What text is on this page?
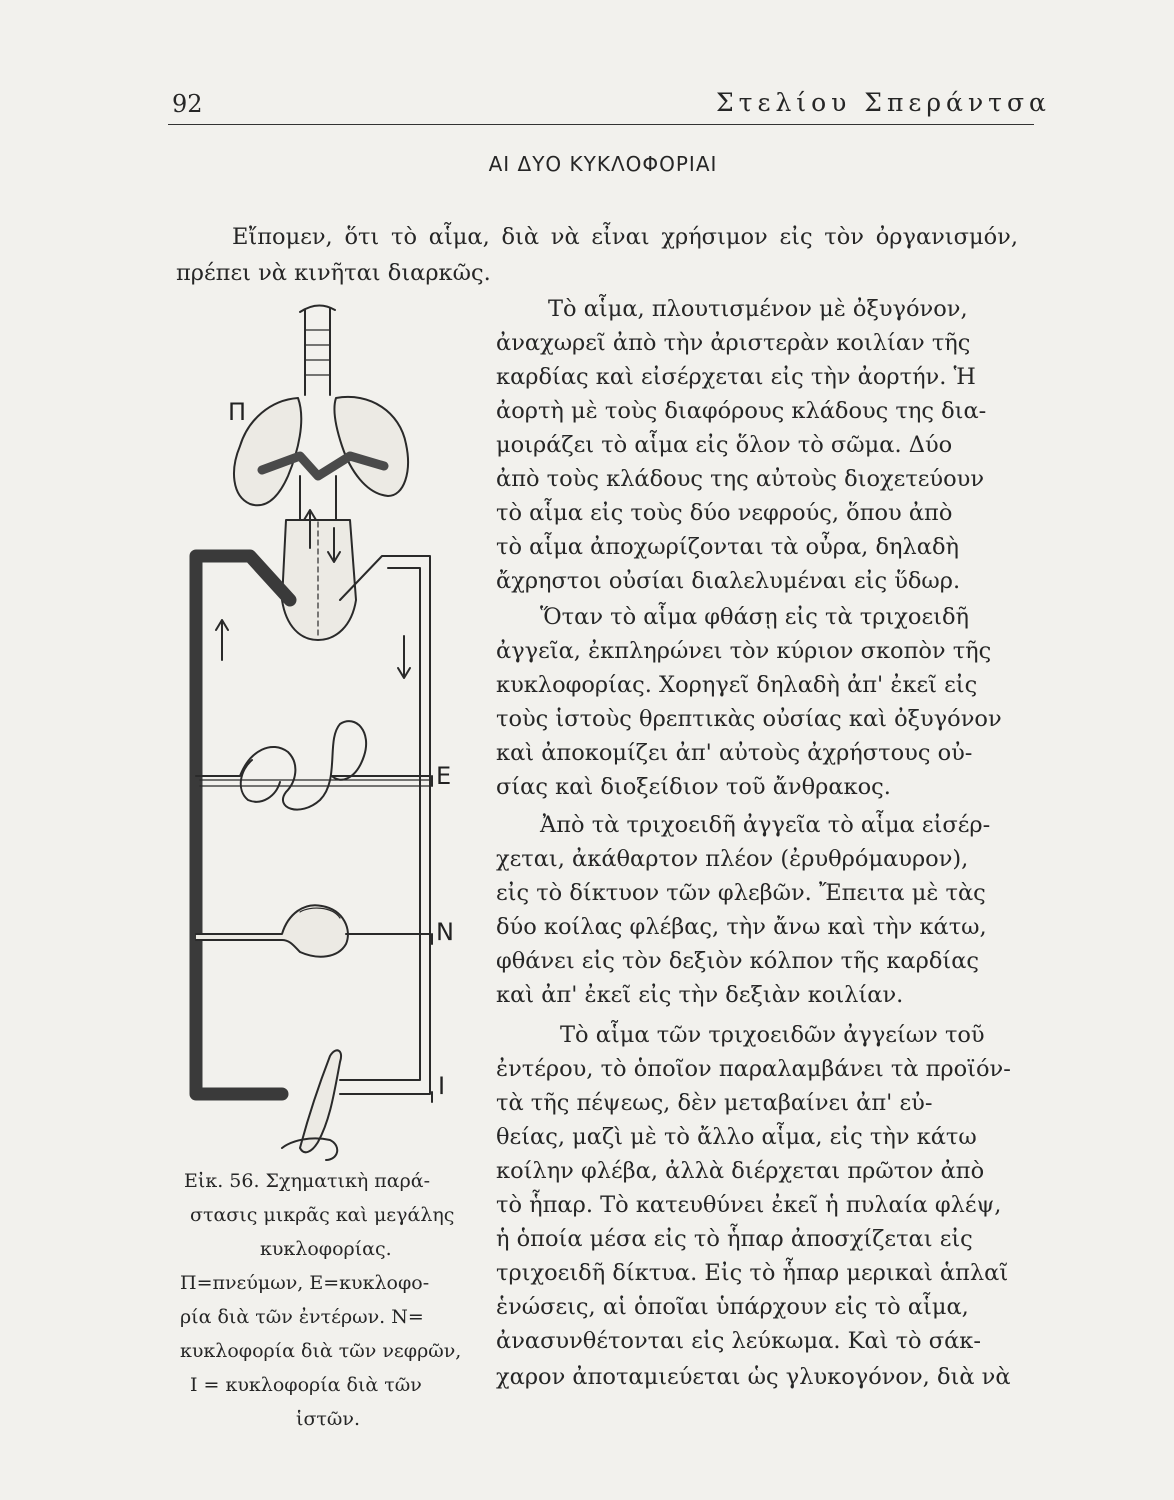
92	Στελίου Σπεράντσα
ΑΙ ΔΥΟ ΚΥΚΛΟΦΟΡΙΑΙ
Εἴπομεν, ὅτι τὸ αἷμα, διὰ νὰ εἶναι χρήσιμον εἰς τὸν ὀργανισμόν,
πρέπει νὰ κινῆται διαρκῶς.
Τὸ αἷμα, πλουτισμένον μὲ ὀξυγόνον,
ἀναχωρεῖ ἀπὸ τὴν ἀριστερὰν κοιλίαν τῆς
καρδίας καὶ εἰσέρχεται εἰς τὴν ἀορτήν. Ἡ
ἀορτὴ μὲ τοὺς διαφόρους κλάδους της δια-
μοιράζει τὸ αἷμα εἰς ὅλον τὸ σῶμα. Δύο
ἀπὸ τοὺς κλάδους της αὐτοὺς διοχετεύουν
τὸ αἷμα εἰς τοὺς δύο νεφρούς, ὅπου ἀπὸ
τὸ αἷμα ἀποχωρίζονται τὰ οὖρα, δηλαδὴ
ἄχρηστοι οὐσίαι διαλελυμέναι εἰς ὕδωρ.
Ὅταν τὸ αἷμα φθάσῃ εἰς τὰ τριχοειδῆ
ἀγγεῖα, ἐκπληρώνει τὸν κύριον σκοπὸν τῆς
κυκλοφορίας. Χορηγεῖ δηλαδὴ ἀπ' ἐκεῖ εἰς
τοὺς ἱστοὺς θρεπτικὰς οὐσίας καὶ ὀξυγόνον
καὶ ἀποκομίζει ἀπ' αὐτοὺς ἀχρήστους οὐ-
σίας καὶ διοξείδιον τοῦ ἄνθρακος.
Ἀπὸ τὰ τριχοειδῆ ἀγγεῖα τὸ αἷμα εἰσέρ-
χεται, ἀκάθαρτον πλέον (ἐρυθρόμαυρον),
εἰς τὸ δίκτυον τῶν φλεβῶν. Ἔπειτα μὲ τὰς
δύο κοίλας φλέβας, τὴν ἄνω καὶ τὴν κάτω,
φθάνει εἰς τὸν δεξιὸν κόλπον τῆς καρδίας
καὶ ἀπ' ἐκεῖ εἰς τὴν δεξιὰν κοιλίαν.
Τὸ αἷμα τῶν τριχοειδῶν ἀγγείων τοῦ
ἐντέρου, τὸ ὁποῖον παραλαμβάνει τὰ προϊόν-
τὰ τῆς πέψεως, δὲν μεταβαίνει ἀπ' εὐ-
θείας, μαζὶ μὲ τὸ ἄλλο αἷμα, εἰς τὴν κάτω
κοίλην φλέβα, ἀλλὰ διέρχεται πρῶτον ἀπὸ
τὸ ἧπαρ. Τὸ κατευθύνει ἐκεῖ ἡ πυλαία φλέψ,
ἡ ὁποία μέσα εἰς τὸ ἧπαρ ἀποσχίζεται εἰς
τριχοειδῆ δίκτυα. Εἰς τὸ ἧπαρ μερικαὶ ἁπλαῖ
ἑνώσεις, αἱ ὁποῖαι ὑπάρχουν εἰς τὸ αἷμα,
ἀνασυνθέτονται εἰς λεύκωμα. Καὶ τὸ σάκ-
χαρον ἀποταμιεύεται ὡς γλυκογόνον, διὰ νὰ
Π
Ε
Ν
Ι
Εἰκ. 56. Σχηματικὴ παρά-
στασις μικρᾶς καὶ μεγάλης
κυκλοφορίας.
Π=πνεύμων, Ε=κυκλοφο-
ρία διὰ τῶν ἐντέρων. Ν=
κυκλοφορία διὰ τῶν νεφρῶν,
Ι = κυκλοφορία διὰ τῶν
ἱστῶν.
